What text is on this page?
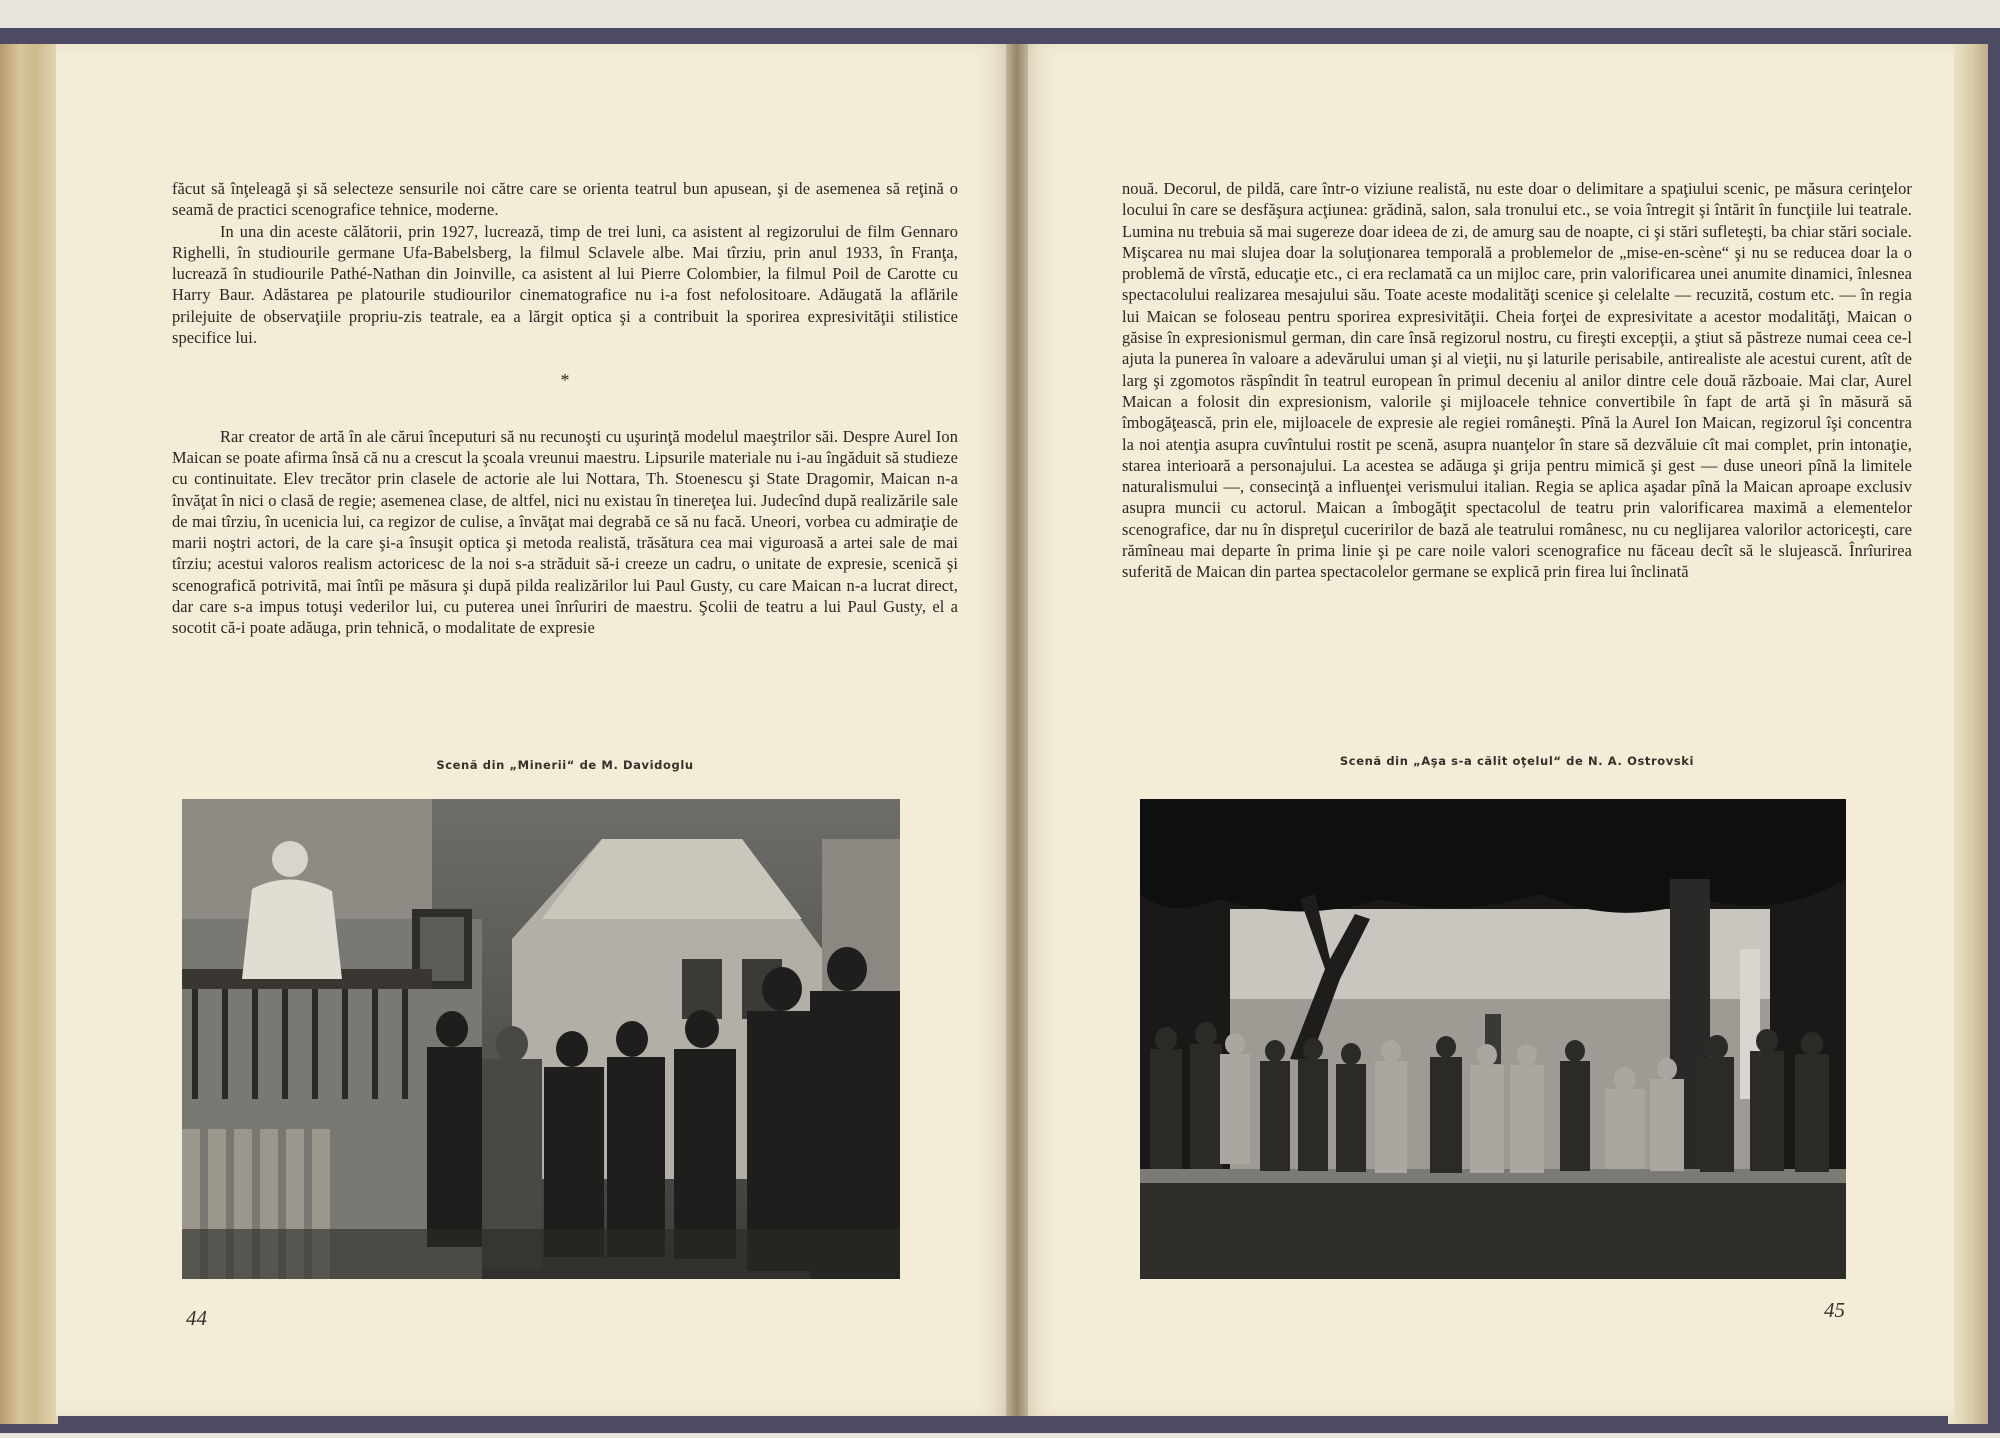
făcut să înţeleagă şi să selecteze sensurile noi către care se orienta teatrul bun apusean, şi de asemenea să reţină o seamă de practici scenografice tehnice, moderne.

In una din aceste călătorii, prin 1927, lucrează, timp de trei luni, ca asistent al regizorului de film Gennaro Righelli, în studiourile germane Ufa-Babelsberg, la filmul Sclavele albe. Mai tîrziu, prin anul 1933, în Franţa, lucrează în studiourile Pathé-Nathan din Joinville, ca asistent al lui Pierre Colombier, la filmul Poil de Carotte cu Harry Baur. Adăstarea pe platourile studiourilor cinematografice nu i-a fost nefolositoare. Adăugată la aflările prilejuite de observaţiile propriu-zis teatrale, ea a lărgit optica şi a contribuit la sporirea expresivităţii stilistice specifice lui.

*

Rar creator de artă în ale cărui începuturi să nu recunoşti cu uşurinţă modelul maeştrilor săi. Despre Aurel Ion Maican se poate afirma însă că nu a crescut la şcoala vreunui maestru. Lipsurile materiale nu i-au îngăduit să studieze cu continuitate. Elev trecător prin clasele de actorie ale lui Nottara, Th. Stoenescu şi State Dragomir, Maican n-a învăţat în nici o clasă de regie; asemenea clase, de altfel, nici nu existau în tinereţea lui. Judecînd după realizările sale de mai tîrziu, în ucenicia lui, ca regizor de culise, a învăţat mai degrabă ce să nu facă. Uneori, vorbea cu admiraţie de marii noştri actori, de la care şi-a însuşit optica şi metoda realistă, trăsătura cea mai viguroasă a artei sale de mai tîrziu; acestui valoros realism actoricesc de la noi s-a străduit să-i creeze un cadru, o unitate de expresie, scenică şi scenografică potrivită, mai întîi pe măsura şi după pilda realizărilor lui Paul Gusty, cu care Maican n-a lucrat direct, dar care s-a impus totuşi vederilor lui, cu puterea unei înrîuriri de maestru. Şcolii de teatru a lui Paul Gusty, el a socotit că-i poate adăuga, prin tehnică, o modalitate de expresie

Scenă din „Minerii“ de M. Davidoglu
44

nouă. Decorul, de pildă, care într-o viziune realistă, nu este doar o delimitare a spaţiului scenic, pe măsura cerinţelor locului în care se desfăşura acţiunea: grădină, salon, sala tronului etc., se voia întregit şi întărit în funcţiile lui teatrale. Lumina nu trebuia să mai sugereze doar ideea de zi, de amurg sau de noapte, ci şi stări sufleteşti, ba chiar stări sociale. Mişcarea nu mai slujea doar la soluţionarea temporală a problemelor de „mise-en-scène“ şi nu se reducea doar la o problemă de vîrstă, educaţie etc., ci era reclamată ca un mijloc care, prin valorificarea unei anumite dinamici, înlesnea spectacolului realizarea mesajului său. Toate aceste modalităţi scenice şi celelalte — recuzită, costum etc. — în regia lui Maican se foloseau pentru sporirea expresivităţii. Cheia forţei de expresivitate a acestor modalităţi, Maican o găsise în expresionismul german, din care însă regizorul nostru, cu fireşti excepţii, a ştiut să păstreze numai ceea ce-l ajuta la punerea în valoare a adevărului uman şi al vieţii, nu şi laturile perisabile, antirealiste ale acestui curent, atît de larg şi zgomotos răspîndit în teatrul european în primul deceniu al anilor dintre cele două războaie. Mai clar, Aurel Maican a folosit din expresionism, valorile şi mijloacele tehnice convertibile în fapt de artă şi în măsură să îmbogăţească, prin ele, mijloacele de expresie ale regiei româneşti. Pînă la Aurel Ion Maican, regizorul îşi concentra la noi atenţia asupra cuvîntului rostit pe scenă, asupra nuanţelor în stare să dezvăluie cît mai complet, prin intonaţie, starea interioară a personajului. La acestea se adăuga şi grija pentru mimică şi gest — duse uneori pînă la limitele naturalismului —, consecinţă a influenţei verismului italian. Regia se aplica aşadar pînă la Maican aproape exclusiv asupra muncii cu actorul. Maican a îmbogăţit spectacolul de teatru prin valorificarea maximă a elementelor scenografice, dar nu în dispreţul cuceririlor de bază ale teatrului românesc, nu cu neglijarea valorilor actoriceşti, care rămîneau mai departe în prima linie şi pe care noile valori scenografice nu făceau decît să le slujească. Înrîurirea suferită de Maican din partea spectacolelor germane se explică prin firea lui înclinată

Scenă din „Aşa s-a călit oţelul“ de N. A. Ostrovski
45
